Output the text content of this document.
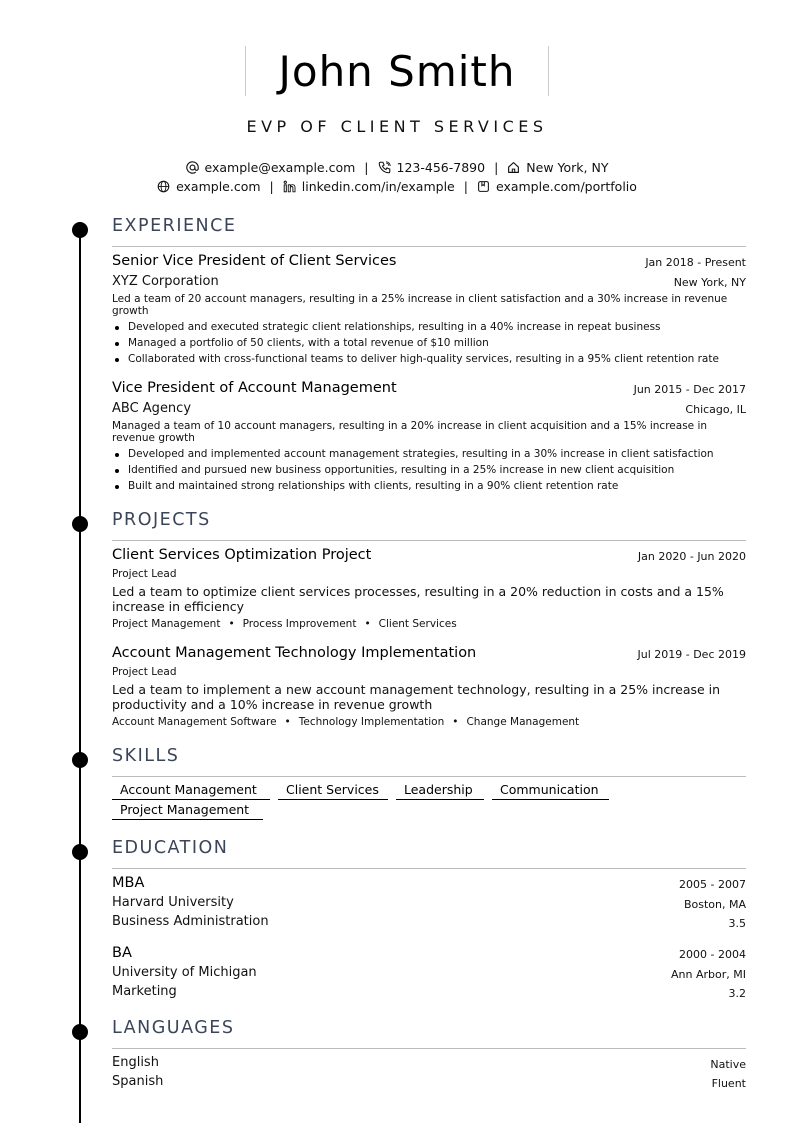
John Smith
EVP OF CLIENT SERVICES
example@example.com | 123-456-7890 | New York, NY
example.com | linkedin.com/in/example | example.com/portfolio
EXPERIENCE
Senior Vice President of Client Services	Jan 2018 - Present
XYZ Corporation	New York, NY
Led a team of 20 account managers, resulting in a 25% increase in client satisfaction and a 30% increase in revenue growth
Developed and executed strategic client relationships, resulting in a 40% increase in repeat business
Managed a portfolio of 50 clients, with a total revenue of $10 million
Collaborated with cross-functional teams to deliver high-quality services, resulting in a 95% client retention rate
Vice President of Account Management	Jun 2015 - Dec 2017
ABC Agency	Chicago, IL
Managed a team of 10 account managers, resulting in a 20% increase in client acquisition and a 15% increase in revenue growth
Developed and implemented account management strategies, resulting in a 30% increase in client satisfaction
Identified and pursued new business opportunities, resulting in a 25% increase in new client acquisition
Built and maintained strong relationships with clients, resulting in a 90% client retention rate
PROJECTS
Client Services Optimization Project	Jan 2020 - Jun 2020
Project Lead
Led a team to optimize client services processes, resulting in a 20% reduction in costs and a 15% increase in efficiency
Project Management • Process Improvement • Client Services
Account Management Technology Implementation	Jul 2019 - Dec 2019
Project Lead
Led a team to implement a new account management technology, resulting in a 25% increase in productivity and a 10% increase in revenue growth
Account Management Software • Technology Implementation • Change Management
SKILLS
Account Management	Client Services	Leadership	Communication
Project Management
EDUCATION
MBA	2005 - 2007
Harvard University	Boston, MA
Business Administration	3.5
BA	2000 - 2004
University of Michigan	Ann Arbor, MI
Marketing	3.2
LANGUAGES
English	Native
Spanish	Fluent
